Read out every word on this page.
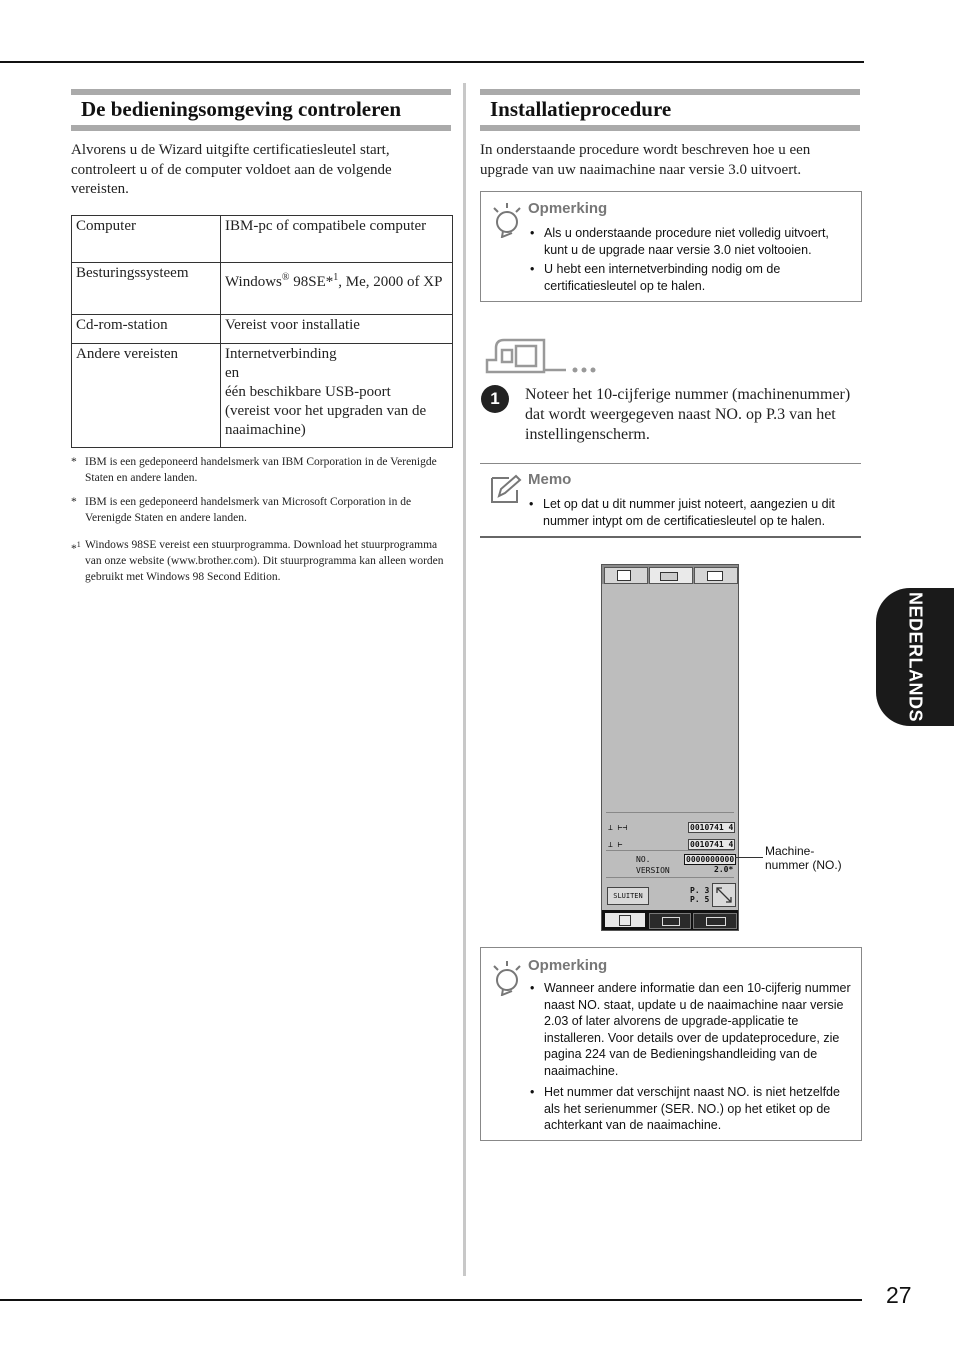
De bedieningsomgeving controleren
Alvorens u de Wizard uitgifte certificatiesleutel start, controleert u of de computer voldoet aan de volgende vereisten.
Computer	IBM-pc of compatibele computer
Besturingssysteem	Windows® 98SE*$^1$, Me, 2000 of XP
Cd-rom-station	Vereist voor installatie
Andere vereisten	Internetverbinding
en
één beschikbare USB-poort
(vereist voor het upgraden van de naaimachine)
* IBM is een gedeponeerd handelsmerk van IBM Corporation in de Verenigde Staten en andere landen.
* IBM is een gedeponeerd handelsmerk van Microsoft Corporation in de Verenigde Staten en andere landen.
*$^1$ Windows 98SE vereist een stuurprogramma. Download het stuurprogramma van onze website (www.brother.com). Dit stuurprogramma kan alleen worden gebruikt met Windows 98 Second Edition.
Installatieprocedure
In onderstaande procedure wordt beschreven hoe u een upgrade van uw naaimachine naar versie 3.0 uitvoert.
Opmerking
• Als u onderstaande procedure niet volledig uitvoert, kunt u de upgrade naar versie 3.0 niet voltooien.
• U hebt een internetverbinding nodig om de certificatiesleutel op te halen.
1	Noteer het 10-cijferige nummer (machinenummer) dat wordt weergegeven naast NO. op P.3 van het instellingenscherm.
Memo
• Let op dat u dit nummer juist noteert, aangezien u dit nummer intypt om de certificatiesleutel op te halen.
⊥ ⊢⊣	0010741 4
⊥ ⊢	0010741 4
NO.	0000000000
VERSION	2.0*
SLUITEN
P. 3
P. 5
Machine-
nummer (NO.)
Opmerking
• Wanneer andere informatie dan een 10-cijferig nummer naast NO. staat, update u de naaimachine naar versie 2.03 of later alvorens de upgrade-applicatie te installeren. Voor details over de updateprocedure, zie pagina 224 van de Bedieningshandleiding van de naaimachine.
• Het nummer dat verschijnt naast NO. is niet hetzelfde als het serienummer (SER. NO.) op het etiket op de achterkant van de naaimachine.
NEDERLANDS
27
